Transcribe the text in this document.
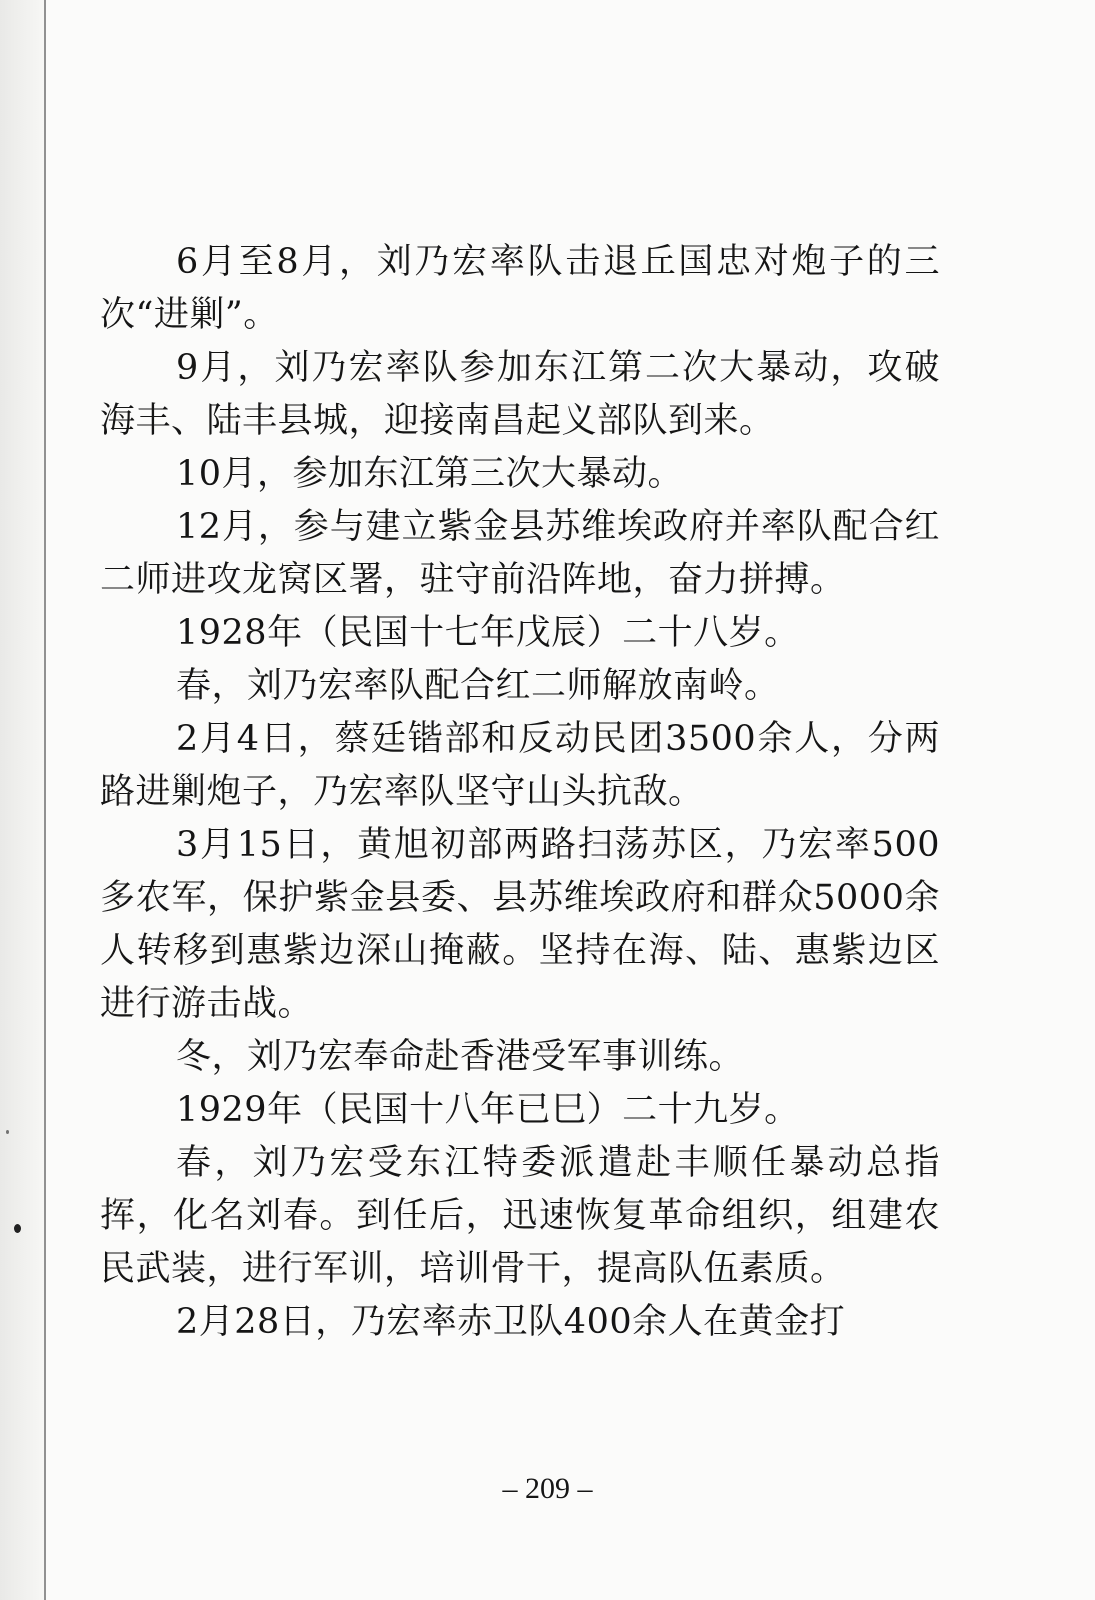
6月至8月，刘乃宏率队击退丘国忠对炮子的三次“进剿”。

9月，刘乃宏率队参加东江第二次大暴动，攻破海丰、陆丰县城，迎接南昌起义部队到来。

10月，参加东江第三次大暴动。

12月，参与建立紫金县苏维埃政府并率队配合红二师进攻龙窝区署，驻守前沿阵地，奋力拼搏。

1928年（民国十七年戊辰）二十八岁。

春，刘乃宏率队配合红二师解放南岭。

2月4日，蔡廷锴部和反动民团3500余人，分两路进剿炮子，乃宏率队坚守山头抗敌。

3月15日，黄旭初部两路扫荡苏区，乃宏率500多农军，保护紫金县委、县苏维埃政府和群众5000余人转移到惠紫边深山掩蔽。坚持在海、陆、惠紫边区进行游击战。

冬，刘乃宏奉命赴香港受军事训练。

1929年（民国十八年已巳）二十九岁。

春，刘乃宏受东江特委派遣赴丰顺任暴动总指挥，化名刘春。到任后，迅速恢复革命组织，组建农民武装，进行军训，培训骨干，提高队伍素质。

2月28日，乃宏率赤卫队400余人在黄金打

– 209 –
